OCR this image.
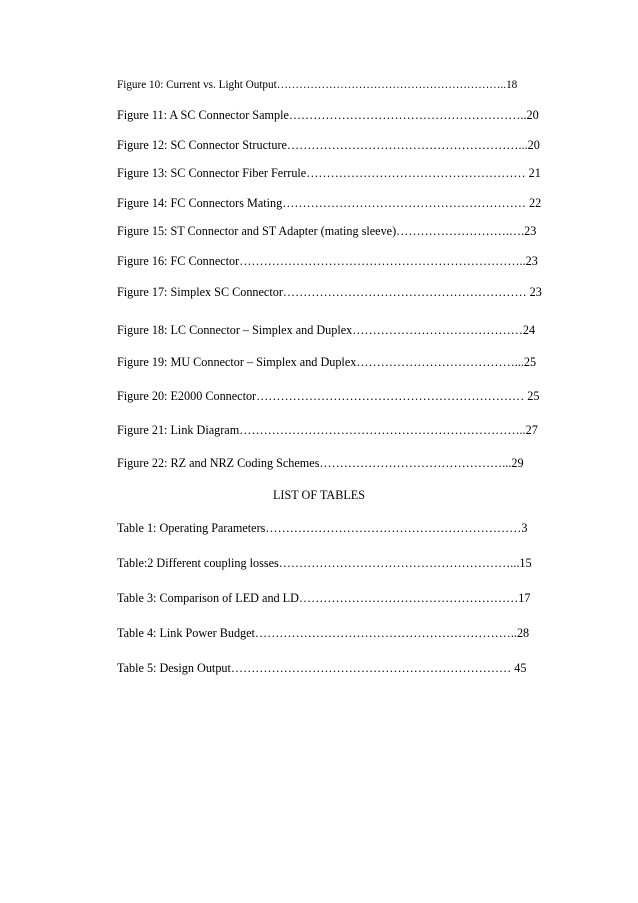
Figure 10: Current vs. Light Output……………………………………………………..18
Figure 11: A SC Connector Sample…………………………………………………..20
Figure 12: SC Connector Structure…………………………………………………...20
Figure 13: SC Connector Fiber Ferrule……………………………………………… 21
Figure 14: FC Connectors Mating…………………………………………………… 22
Figure 15: ST Connector and ST Adapter (mating sleeve)……………………….….23
Figure 16: FC Connector……………………………………………………………..23
Figure 17: Simplex SC Connector…………………………………………………… 23
Figure 18: LC Connector – Simplex and Duplex……………………………………24
Figure 19: MU Connector – Simplex and Duplex…………………………………...25
Figure 20: E2000 Connector………………………………………………………… 25
Figure 21: Link Diagram……………………………………………………………..27
Figure 22: RZ and NRZ Coding Schemes………………………………………...29
LIST OF TABLES
Table 1: Operating Parameters………………………………………………………3
Table:2 Different coupling losses…………………………………………………...15
Table 3: Comparison of LED and LD………………………………………………17
Table 4: Link Power Budget………………………………………………………..28
Table 5: Design Output…………………………………………………………… 45
